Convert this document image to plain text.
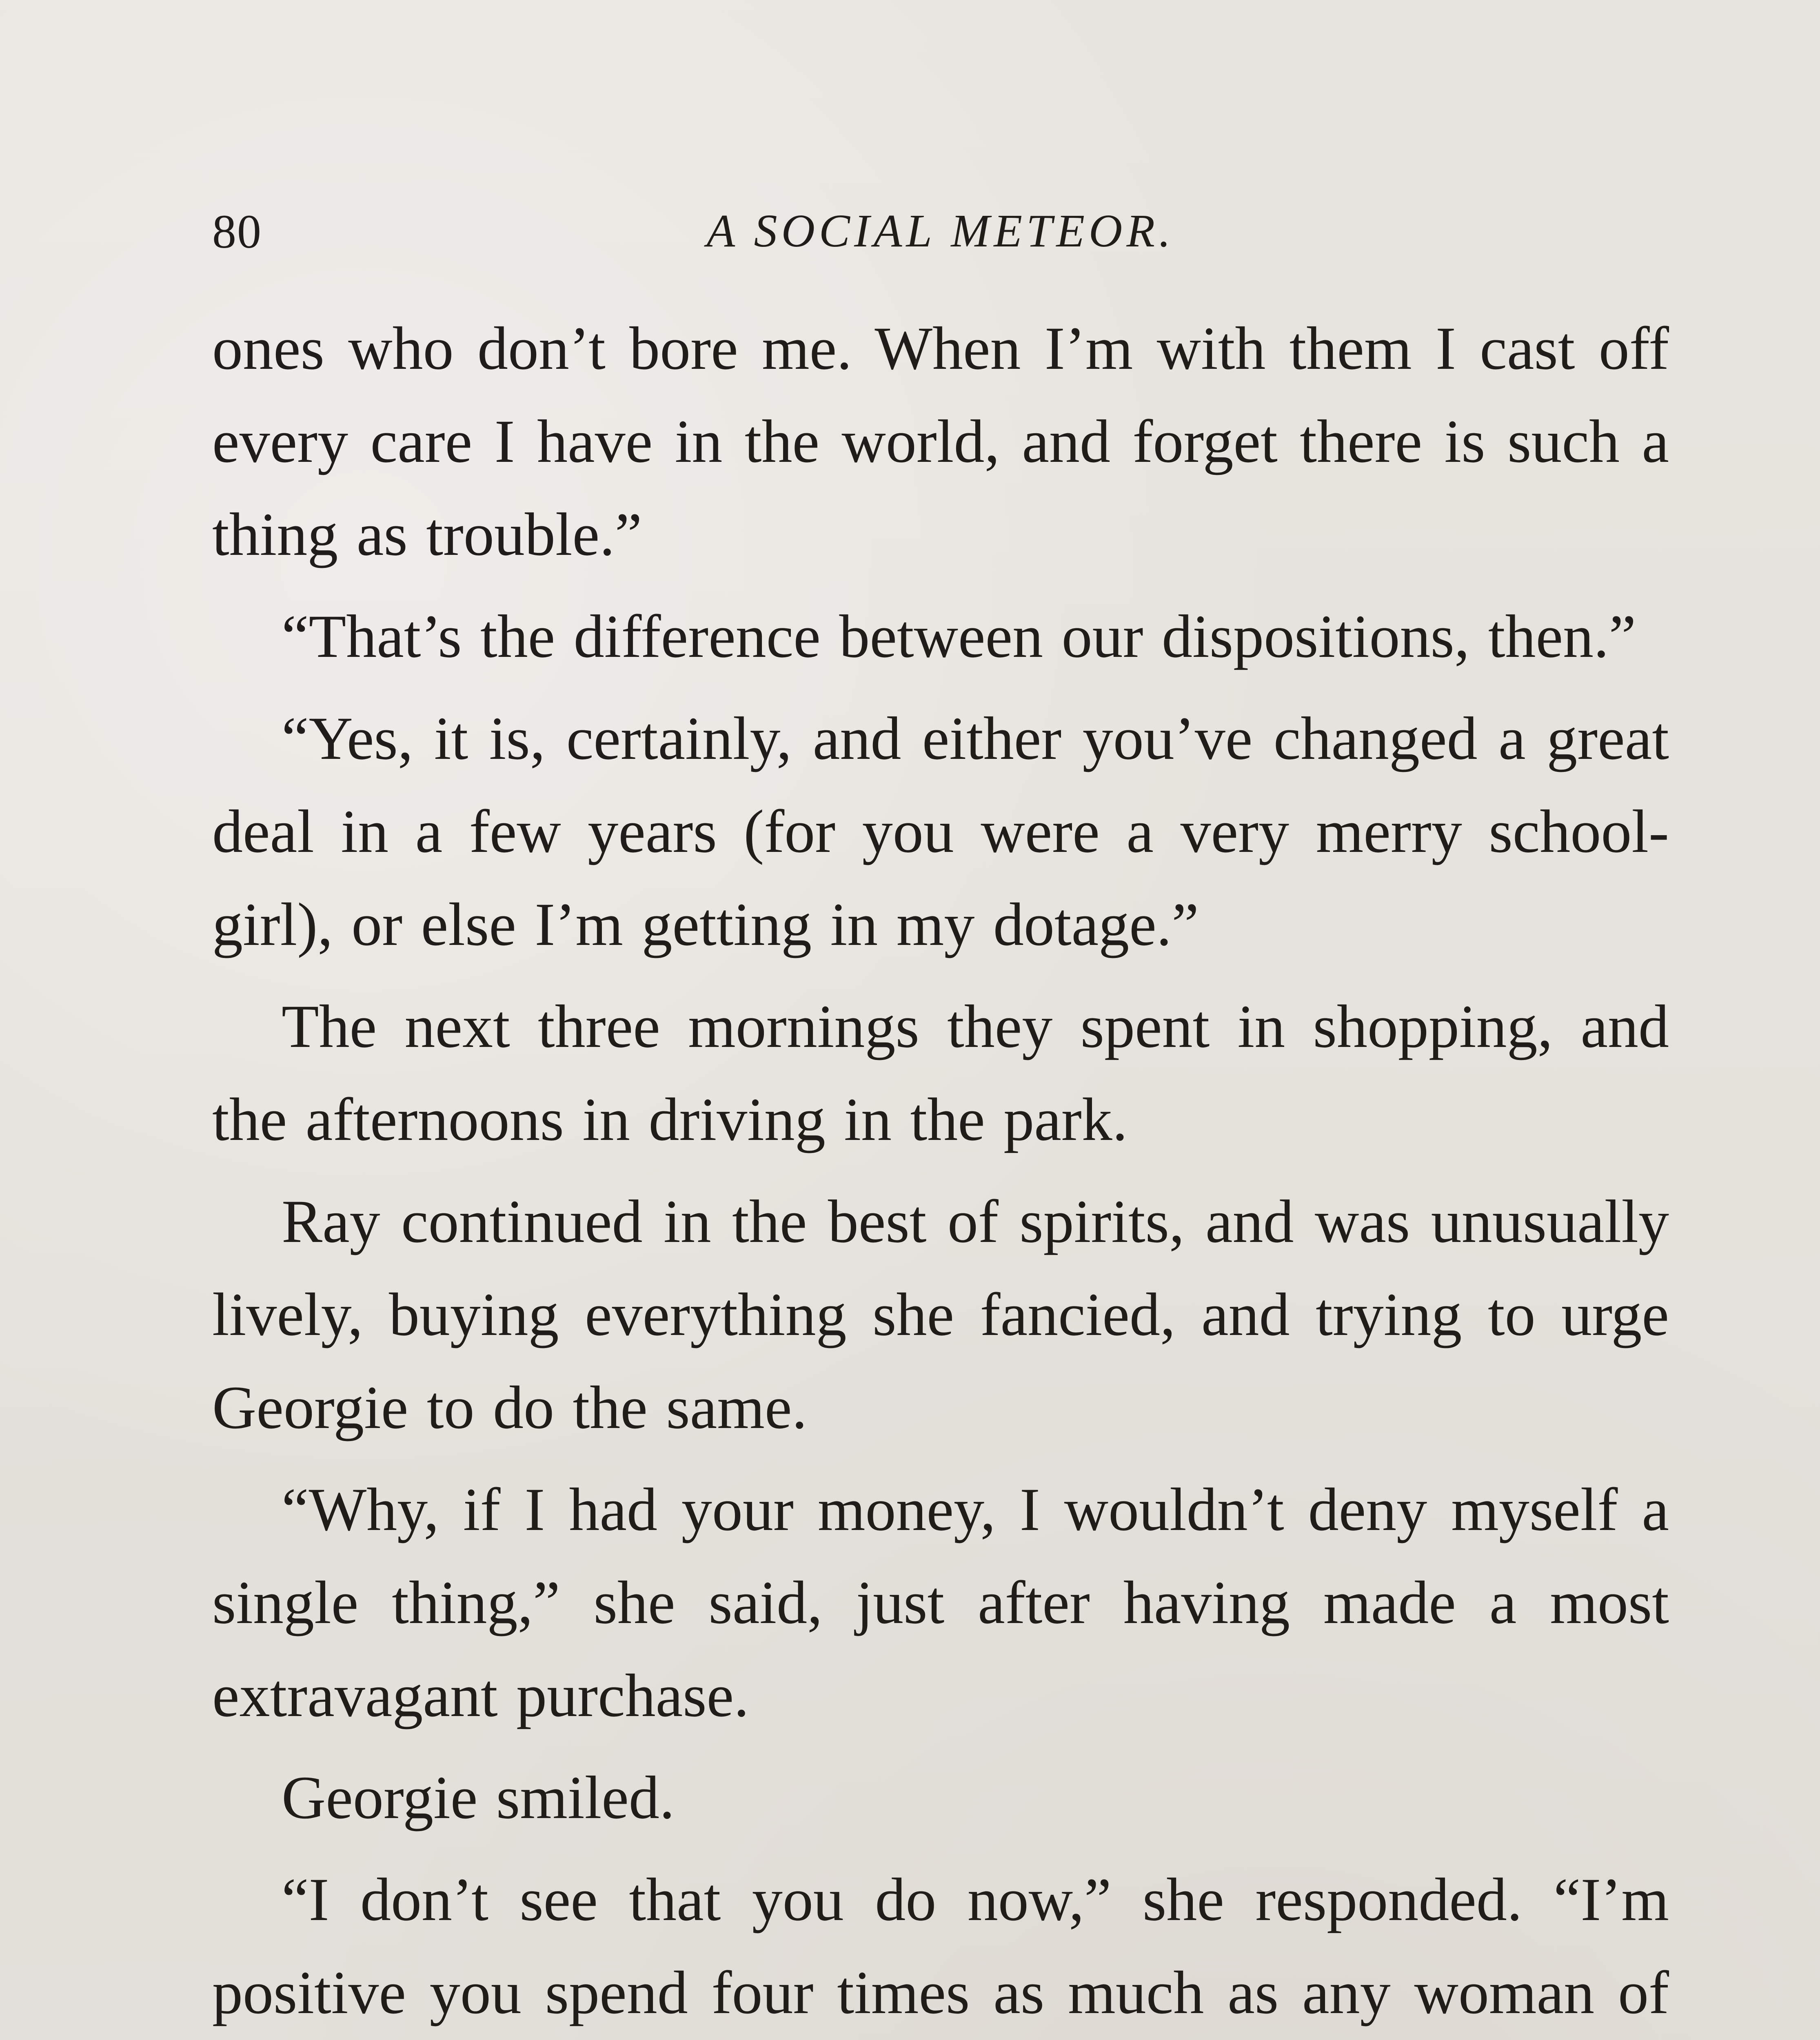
80	A SOCIAL METEOR.

ones who don’t bore me. When I’m with them I cast off every care I have in the world, and forget there is such a thing as trouble.”

“That’s the difference between our dispositions, then.”

“Yes, it is, certainly, and either you’ve changed a great deal in a few years (for you were a very merry school-girl), or else I’m getting in my dotage.”

The next three mornings they spent in shopping, and the afternoons in driving in the park.

Ray continued in the best of spirits, and was unusually lively, buying everything she fancied, and trying to urge Georgie to do the same.

“Why, if I had your money, I wouldn’t deny myself a single thing,” she said, just after having made a most extravagant purchase.

Georgie smiled.

“I don’t see that you do now,” she responded. “I’m positive you spend four times as much as any woman of
